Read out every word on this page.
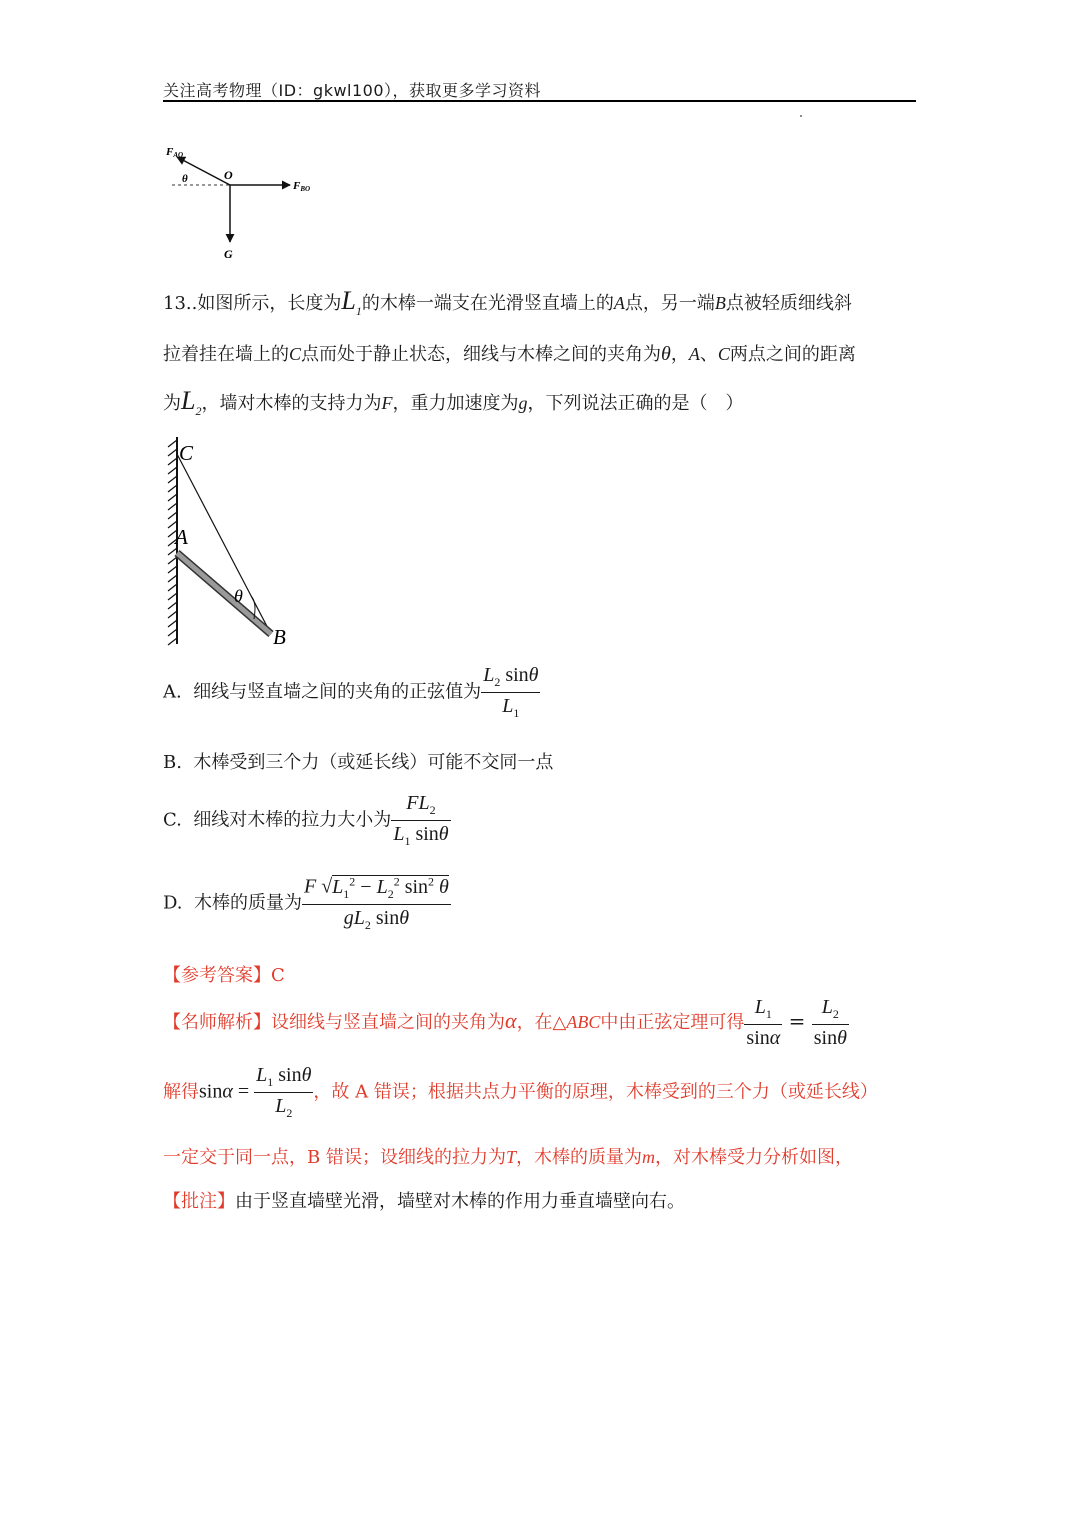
关注高考物理（ID：gkwl100），获取更多学习资料
FAO
θ	O
FBO
G
13..如图所示，长度为$L_1$的木棒一端支在光滑竖直墙上的A点，另一端B点被轻质细线斜
拉着挂在墙上的C点而处于静止状态，细线与木棒之间的夹角为θ，A、C两点之间的距离
为$L_2$，墙对木棒的支持力为F，重力加速度为g，下列说法正确的是（　）
C
A
θ
B
A. 细线与竖直墙之间的夹角的正弦值为 $\frac{L_2 \sin\theta}{L_1}$
B. 木棒受到三个力（或延长线）可能不交同一点
C. 细线对木棒的拉力大小为 $\frac{FL_2}{L_1 \sin\theta}$
D. 木棒的质量为 $\frac{F √L_1^2 - L_2^2 \sin^2 \theta}{gL_2 \sin\theta}$
【参考答案】C
【名师解析】设细线与竖直墙之间的夹角为α，在△ABC中由正弦定理可得 $\frac{L_1}{\sin\alpha} = \frac{L_2}{\sin\theta}$
解得$\sin\alpha = \frac{L_1 \sin\theta}{L_2}$ ，故 A 错误；根据共点力平衡的原理，木棒受到的三个力（或延长线）
一定交于同一点，B 错误；设细线的拉力为T，木棒的质量为m，对木棒受力分析如图，
【批注】由于竖直墙壁光滑，墙壁对木棒的作用力垂直墙壁向右。
